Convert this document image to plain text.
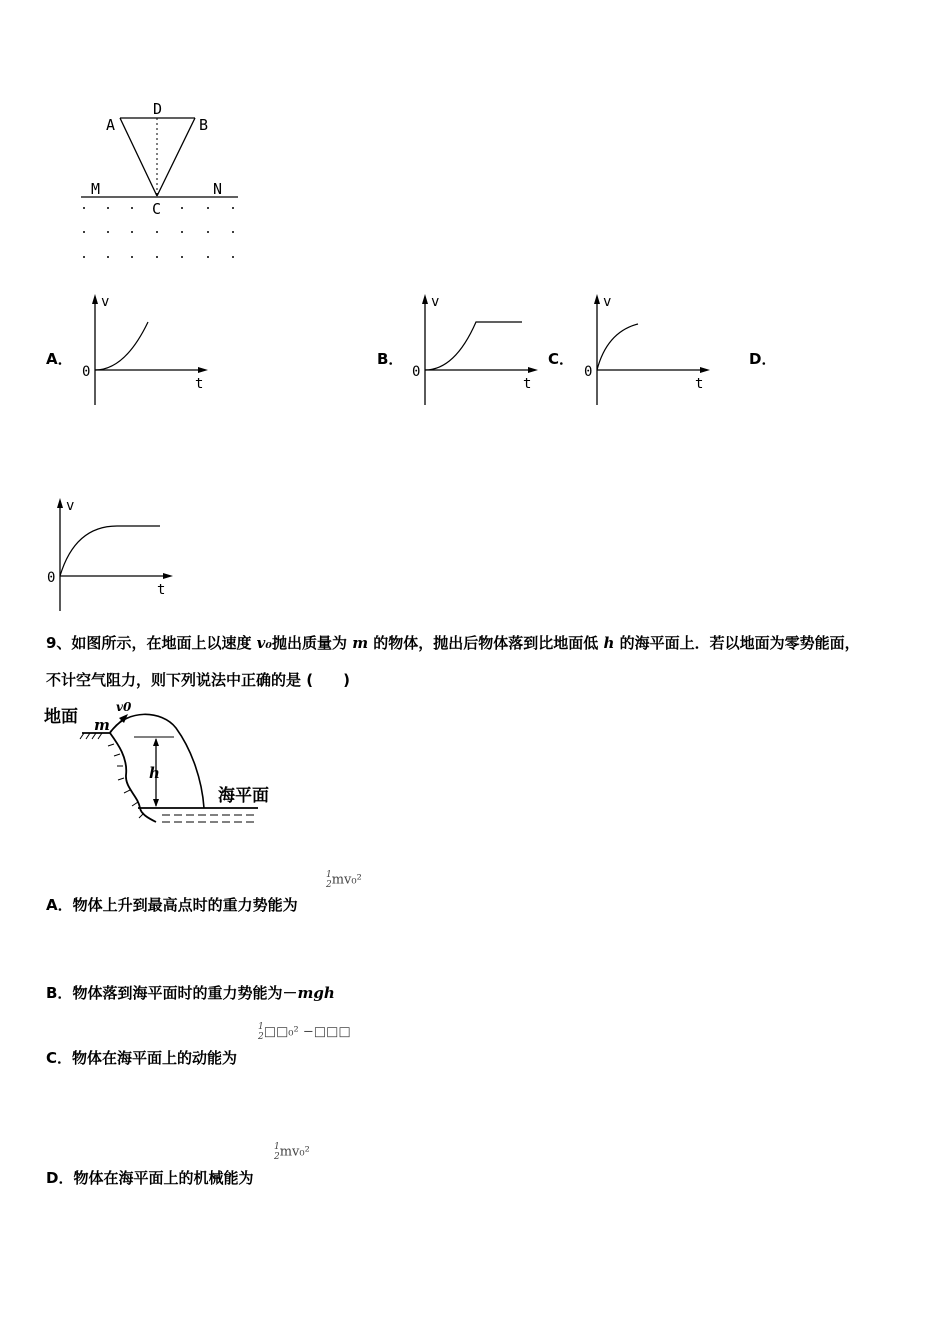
D
A	B
M	N
C
A．	B．	C．	D．
v
t
0
v
t
0
v
t
0
v
t
0
9、如图所示，在地面上以速度 v₀抛出质量为 m 的物体，抛出后物体落到比地面低 h 的海平面上．若以地面为零势能面，
不计空气阻力，则下列说法中正确的是 (　　)
地面 m
v0
h
海平面
A．物体上升到最高点时的重力势能为
1
2mv₀²
B．物体落到海平面时的重力势能为－mgh
C．物体在海平面上的动能为
1
2□□₀² −□□□
D．物体在海平面上的机械能为
1
2mv₀²
